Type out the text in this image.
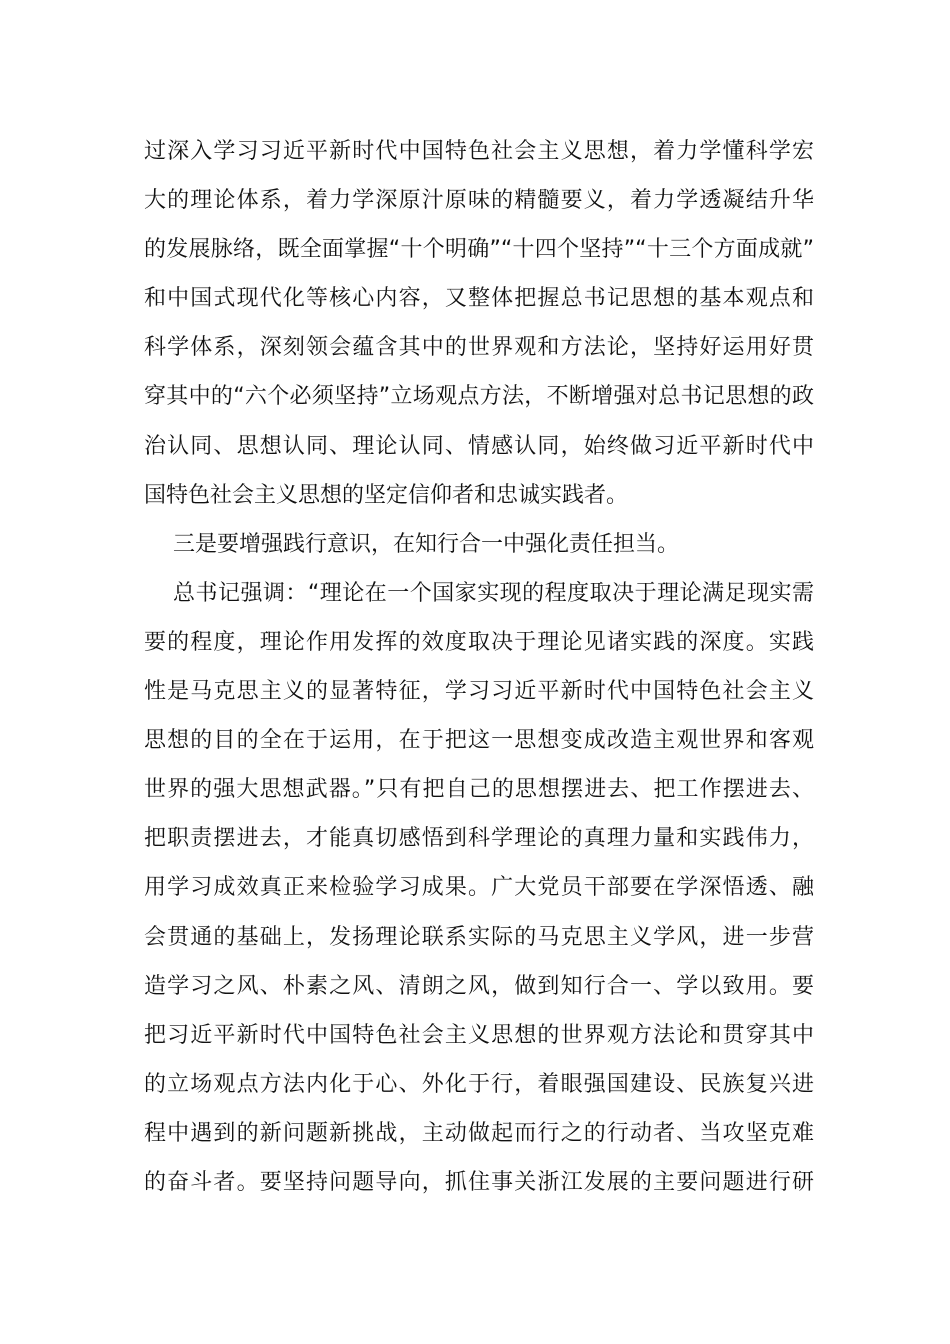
过深入学习习近平新时代中国特色社会主义思想，着力学懂科学宏
大的理论体系，着力学深原汁原味的精髓要义，着力学透凝结升华
的发展脉络，既全面掌握“十个明确”“十四个坚持”“十三个方面成就”
和中国式现代化等核心内容，又整体把握总书记思想的基本观点和
科学体系，深刻领会蕴含其中的世界观和方法论，坚持好运用好贯
穿其中的“六个必须坚持”立场观点方法，不断增强对总书记思想的政
治认同、思想认同、理论认同、情感认同，始终做习近平新时代中
国特色社会主义思想的坚定信仰者和忠诚实践者。
三是要增强践行意识，在知行合一中强化责任担当。
总书记强调：“理论在一个国家实现的程度取决于理论满足现实需
要的程度，理论作用发挥的效度取决于理论见诸实践的深度。实践
性是马克思主义的显著特征，学习习近平新时代中国特色社会主义
思想的目的全在于运用，在于把这一思想变成改造主观世界和客观
世界的强大思想武器。”只有把自己的思想摆进去、把工作摆进去、
把职责摆进去，才能真切感悟到科学理论的真理力量和实践伟力，
用学习成效真正来检验学习成果。广大党员干部要在学深悟透、融
会贯通的基础上，发扬理论联系实际的马克思主义学风，进一步营
造学习之风、朴素之风、清朗之风，做到知行合一、学以致用。要
把习近平新时代中国特色社会主义思想的世界观方法论和贯穿其中
的立场观点方法内化于心、外化于行，着眼强国建设、民族复兴进
程中遇到的新问题新挑战，主动做起而行之的行动者、当攻坚克难
的奋斗者。要坚持问题导向，抓住事关浙江发展的主要问题进行研
